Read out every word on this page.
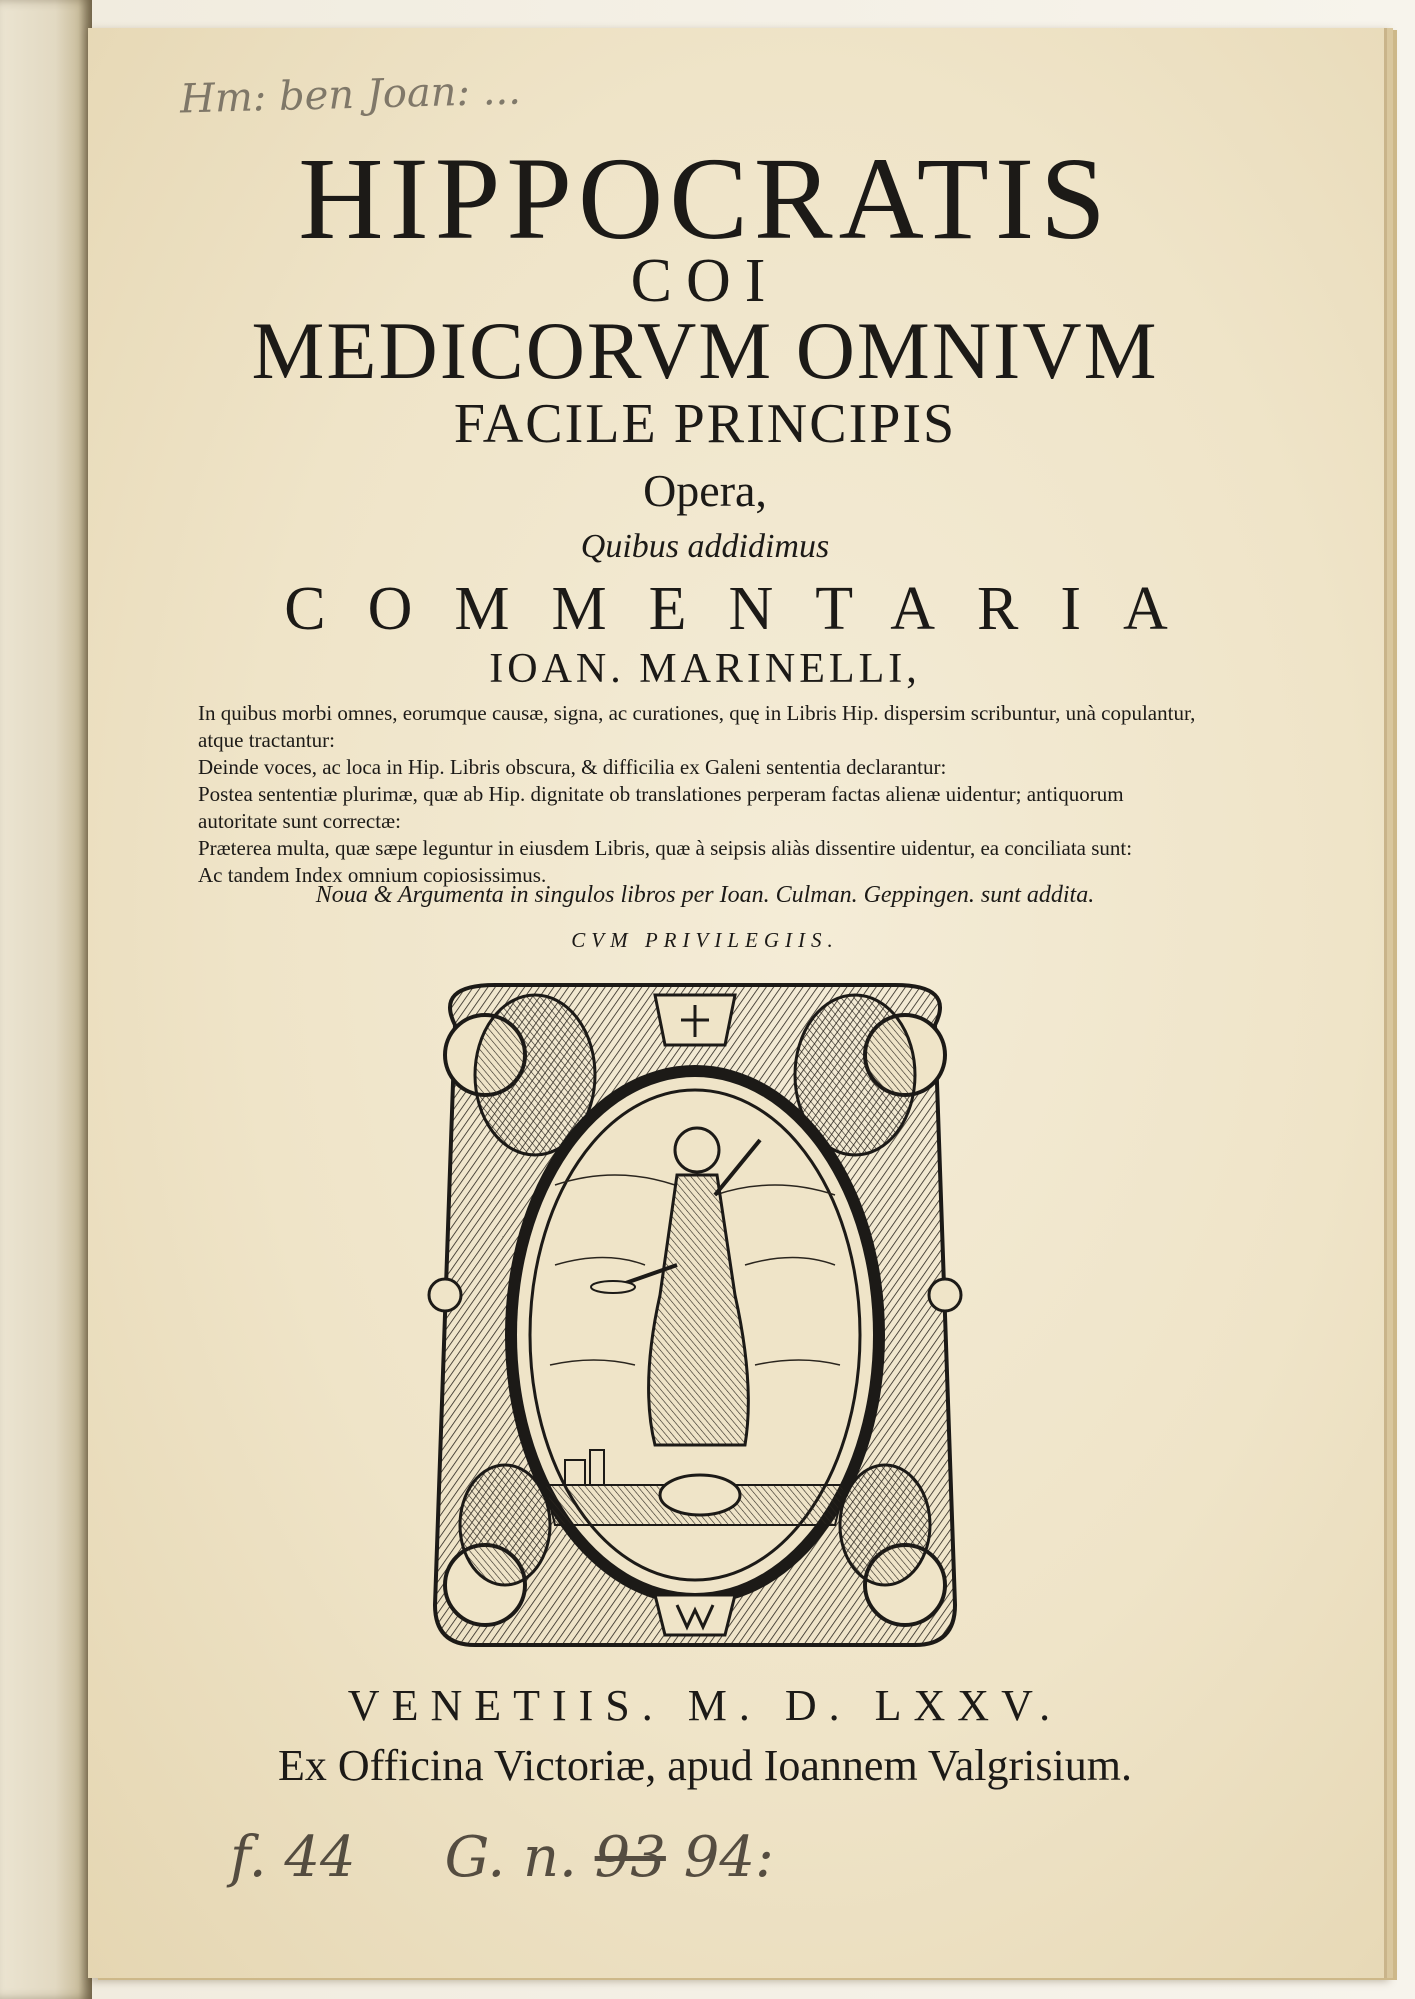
Hm: ben Joan: ...
HIPPOCRATIS
COI
MEDICORVM OMNIVM
FACILE PRINCIPIS
Opera,
Quibus addidimus
COMMENTARIA
IOAN. MARINELLI,

In quibus morbi omnes, eorumque causæ, signa, ac curationes, quę in Libris Hip. dispersim scribuntur, unà copulantur, atque tractantur:

Deinde voces, ac loca in Hip. Libris obscura, & difficilia ex Galeni sententia declarantur:

Postea sententiæ plurimæ, quæ ab Hip. dignitate ob translationes perperam factas alienæ uidentur; antiquorum autoritate sunt correctæ:

Præterea multa, quæ sæpe leguntur in eiusdem Libris, quæ à seipsis aliàs dissentire uidentur, ea conciliata sunt:

Ac tandem Index omnium copiosissimus.

Noua & Argumenta in singulos libros per Ioan. Culman. Geppingen. sunt addita.
CVM PRIVILEGIIS.
VENETIIS. M. D. LXXV.
Ex Officina Victoriæ, apud Ioannem Valgrisium.
f. 44 G. n. 93 94:
